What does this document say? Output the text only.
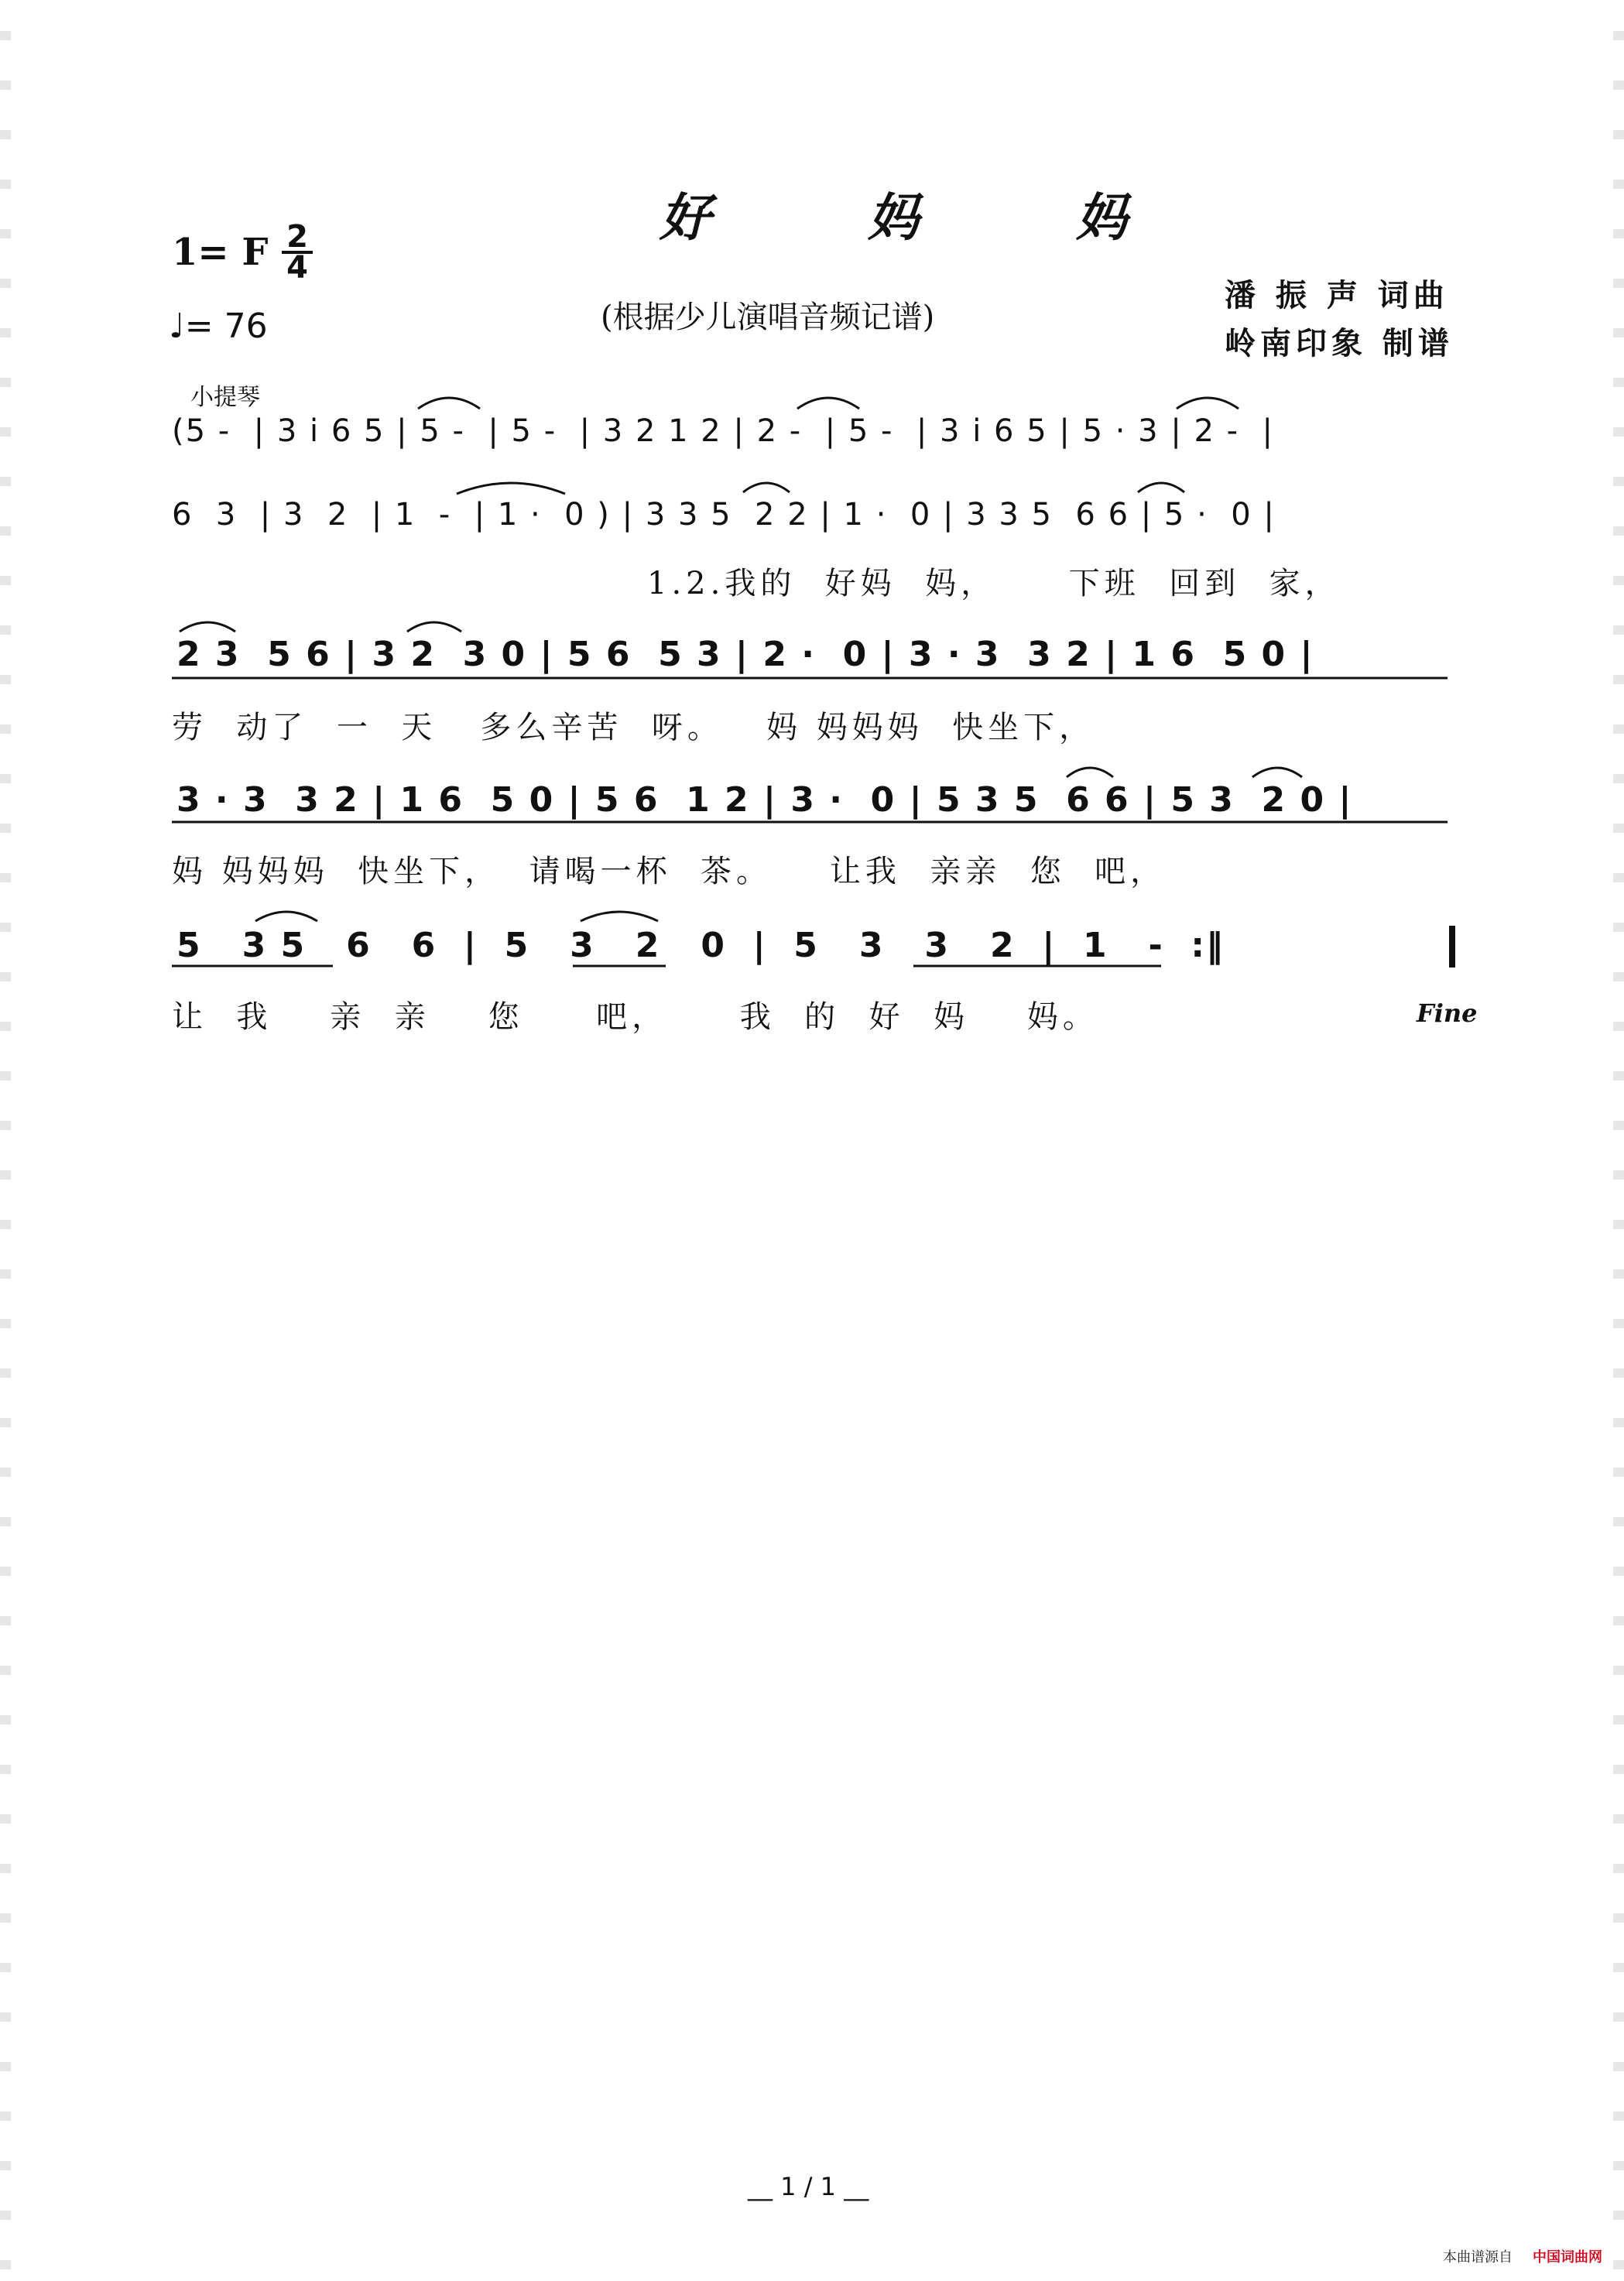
好 妈 妈
1= F 2
4
♩= 76	(根据少儿演唱音频记谱)
潘 振 声 词曲
岭南印象 制谱
小提琴
(5 -  | 3 i 6 5 | 5 -  | 5 -  | 3 2 1 2 | 2 -  | 5 -  | 3 i 6 5 | 5 · 3 | 2 -  |
6  3  | 3  2  | 1  -  | 1 ·  0 ) | 3 3 5  2 2 | 1 ·  0 | 3 3 5  6 6 | 5 ·  0 |
1.2.我的  好妈  妈，     下班  回到  家，
2 3  5 6 | 3 2  3 0 | 5 6  5 3 | 2 ·  0 | 3 · 3  3 2 | 1 6  5 0 |
劳  动了  一  天   多么辛苦  呀。   妈 妈妈妈  快坐下，
3 · 3  3 2 | 1 6  5 0 | 5 6  1 2 | 3 ·  0 | 5 3 5  6 6 | 5 3  2 0 |
妈 妈妈妈  快坐下，  请喝一杯  茶。    让我  亲亲  您  吧，
5   3 5   6   6  |  5   3   2   0  |  5   3   3   2  |  1   -  :‖
让  我    亲  亲    您     吧，     我  的  好  妈    妈。	Fine
__ 1 / 1 __
本曲谱源自 中国词曲网
